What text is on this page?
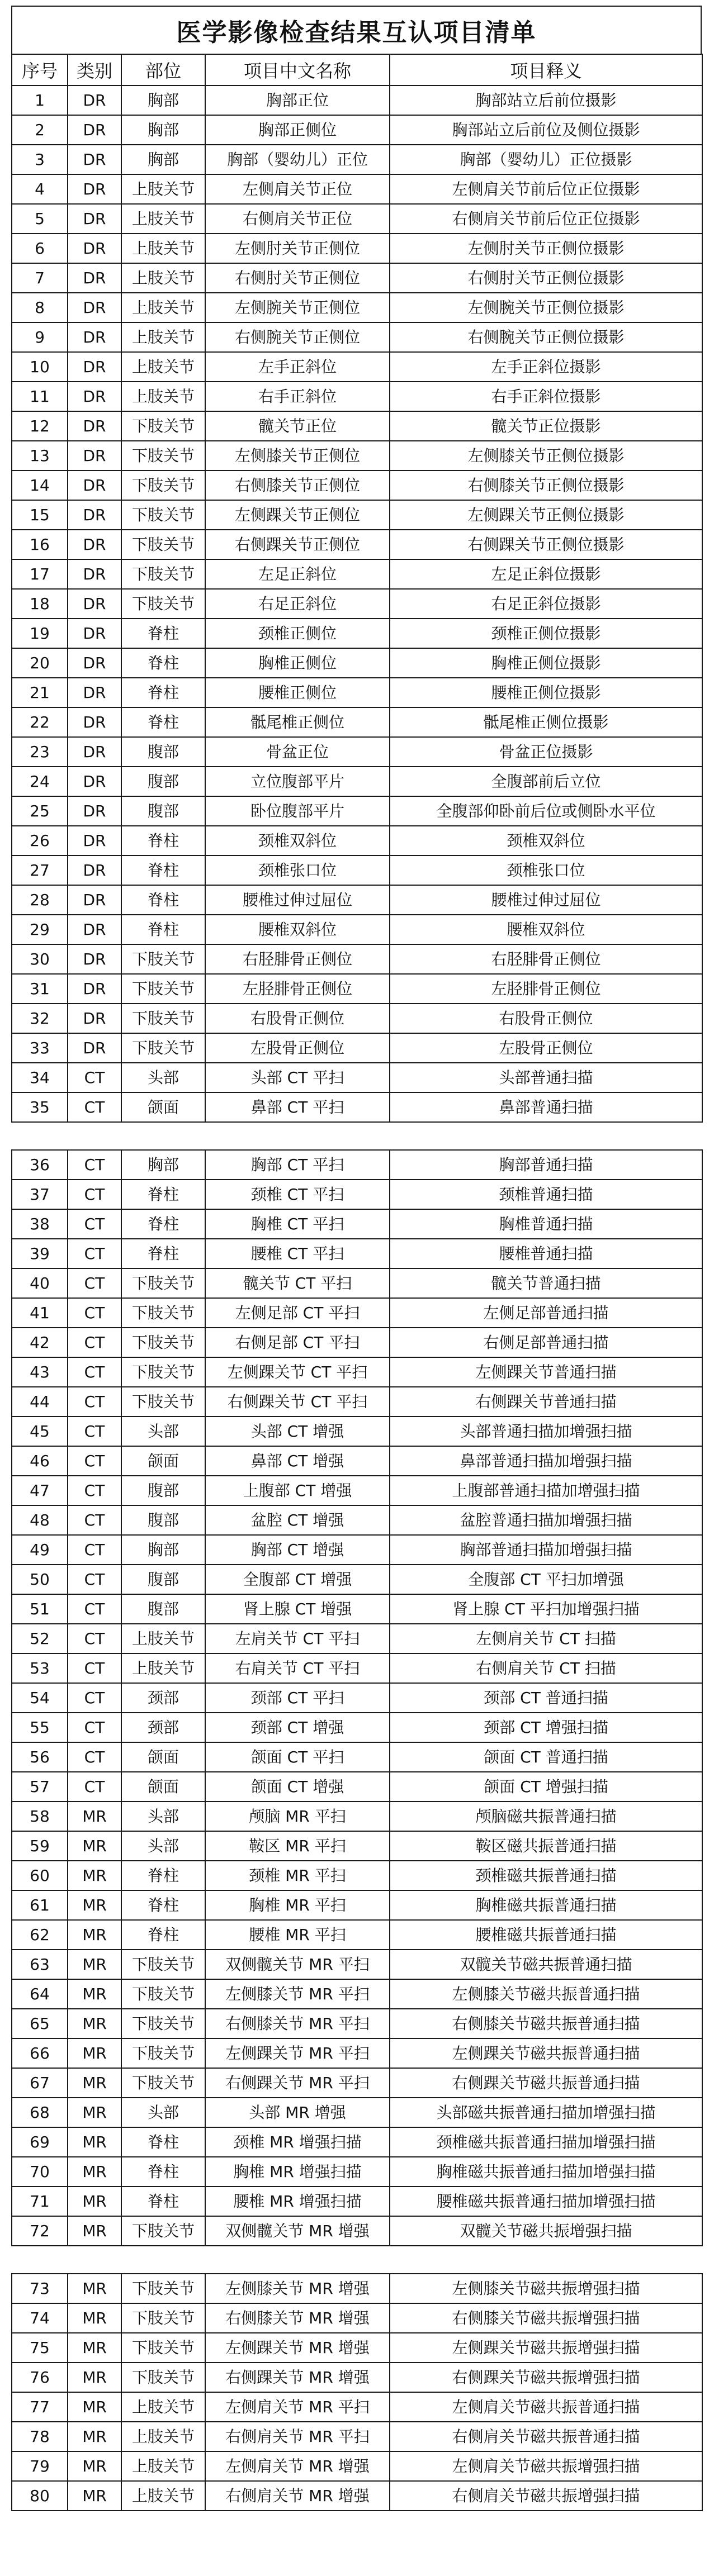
医学影像检查结果互认项目清单
序号	类别	部位	项目中文名称	项目释义
1	DR	胸部	胸部正位	胸部站立后前位摄影
2	DR	胸部	胸部正侧位	胸部站立后前位及侧位摄影
3	DR	胸部	胸部（婴幼儿）正位	胸部（婴幼儿）正位摄影
4	DR	上肢关节	左侧肩关节正位	左侧肩关节前后位正位摄影
5	DR	上肢关节	右侧肩关节正位	右侧肩关节前后位正位摄影
6	DR	上肢关节	左侧肘关节正侧位	左侧肘关节正侧位摄影
7	DR	上肢关节	右侧肘关节正侧位	右侧肘关节正侧位摄影
8	DR	上肢关节	左侧腕关节正侧位	左侧腕关节正侧位摄影
9	DR	上肢关节	右侧腕关节正侧位	右侧腕关节正侧位摄影
10	DR	上肢关节	左手正斜位	左手正斜位摄影
11	DR	上肢关节	右手正斜位	右手正斜位摄影
12	DR	下肢关节	髋关节正位	髋关节正位摄影
13	DR	下肢关节	左侧膝关节正侧位	左侧膝关节正侧位摄影
14	DR	下肢关节	右侧膝关节正侧位	右侧膝关节正侧位摄影
15	DR	下肢关节	左侧踝关节正侧位	左侧踝关节正侧位摄影
16	DR	下肢关节	右侧踝关节正侧位	右侧踝关节正侧位摄影
17	DR	下肢关节	左足正斜位	左足正斜位摄影
18	DR	下肢关节	右足正斜位	右足正斜位摄影
19	DR	脊柱	颈椎正侧位	颈椎正侧位摄影
20	DR	脊柱	胸椎正侧位	胸椎正侧位摄影
21	DR	脊柱	腰椎正侧位	腰椎正侧位摄影
22	DR	脊柱	骶尾椎正侧位	骶尾椎正侧位摄影
23	DR	腹部	骨盆正位	骨盆正位摄影
24	DR	腹部	立位腹部平片	全腹部前后立位
25	DR	腹部	卧位腹部平片	全腹部仰卧前后位或侧卧水平位
26	DR	脊柱	颈椎双斜位	颈椎双斜位
27	DR	脊柱	颈椎张口位	颈椎张口位
28	DR	脊柱	腰椎过伸过屈位	腰椎过伸过屈位
29	DR	脊柱	腰椎双斜位	腰椎双斜位
30	DR	下肢关节	右胫腓骨正侧位	右胫腓骨正侧位
31	DR	下肢关节	左胫腓骨正侧位	左胫腓骨正侧位
32	DR	下肢关节	右股骨正侧位	右股骨正侧位
33	DR	下肢关节	左股骨正侧位	左股骨正侧位
34	CT	头部	头部 CT 平扫	头部普通扫描
35	CT	颌面	鼻部 CT 平扫	鼻部普通扫描
36	CT	胸部	胸部 CT 平扫	胸部普通扫描
37	CT	脊柱	颈椎 CT 平扫	颈椎普通扫描
38	CT	脊柱	胸椎 CT 平扫	胸椎普通扫描
39	CT	脊柱	腰椎 CT 平扫	腰椎普通扫描
40	CT	下肢关节	髋关节 CT 平扫	髋关节普通扫描
41	CT	下肢关节	左侧足部 CT 平扫	左侧足部普通扫描
42	CT	下肢关节	右侧足部 CT 平扫	右侧足部普通扫描
43	CT	下肢关节	左侧踝关节 CT 平扫	左侧踝关节普通扫描
44	CT	下肢关节	右侧踝关节 CT 平扫	右侧踝关节普通扫描
45	CT	头部	头部 CT 增强	头部普通扫描加增强扫描
46	CT	颌面	鼻部 CT 增强	鼻部普通扫描加增强扫描
47	CT	腹部	上腹部 CT 增强	上腹部普通扫描加增强扫描
48	CT	腹部	盆腔 CT 增强	盆腔普通扫描加增强扫描
49	CT	胸部	胸部 CT 增强	胸部普通扫描加增强扫描
50	CT	腹部	全腹部 CT 增强	全腹部 CT 平扫加增强
51	CT	腹部	肾上腺 CT 增强	肾上腺 CT 平扫加增强扫描
52	CT	上肢关节	左肩关节 CT 平扫	左侧肩关节 CT 扫描
53	CT	上肢关节	右肩关节 CT 平扫	右侧肩关节 CT 扫描
54	CT	颈部	颈部 CT 平扫	颈部 CT 普通扫描
55	CT	颈部	颈部 CT 增强	颈部 CT 增强扫描
56	CT	颌面	颌面 CT 平扫	颌面 CT 普通扫描
57	CT	颌面	颌面 CT 增强	颌面 CT 增强扫描
58	MR	头部	颅脑 MR 平扫	颅脑磁共振普通扫描
59	MR	头部	鞍区 MR 平扫	鞍区磁共振普通扫描
60	MR	脊柱	颈椎 MR 平扫	颈椎磁共振普通扫描
61	MR	脊柱	胸椎 MR 平扫	胸椎磁共振普通扫描
62	MR	脊柱	腰椎 MR 平扫	腰椎磁共振普通扫描
63	MR	下肢关节	双侧髋关节 MR 平扫	双髋关节磁共振普通扫描
64	MR	下肢关节	左侧膝关节 MR 平扫	左侧膝关节磁共振普通扫描
65	MR	下肢关节	右侧膝关节 MR 平扫	右侧膝关节磁共振普通扫描
66	MR	下肢关节	左侧踝关节 MR 平扫	左侧踝关节磁共振普通扫描
67	MR	下肢关节	右侧踝关节 MR 平扫	右侧踝关节磁共振普通扫描
68	MR	头部	头部 MR 增强	头部磁共振普通扫描加增强扫描
69	MR	脊柱	颈椎 MR 增强扫描	颈椎磁共振普通扫描加增强扫描
70	MR	脊柱	胸椎 MR 增强扫描	胸椎磁共振普通扫描加增强扫描
71	MR	脊柱	腰椎 MR 增强扫描	腰椎磁共振普通扫描加增强扫描
72	MR	下肢关节	双侧髋关节 MR 增强	双髋关节磁共振增强扫描
73	MR	下肢关节	左侧膝关节 MR 增强	左侧膝关节磁共振增强扫描
74	MR	下肢关节	右侧膝关节 MR 增强	右侧膝关节磁共振增强扫描
75	MR	下肢关节	左侧踝关节 MR 增强	左侧踝关节磁共振增强扫描
76	MR	下肢关节	右侧踝关节 MR 增强	右侧踝关节磁共振增强扫描
77	MR	上肢关节	左侧肩关节 MR 平扫	左侧肩关节磁共振普通扫描
78	MR	上肢关节	右侧肩关节 MR 平扫	右侧肩关节磁共振普通扫描
79	MR	上肢关节	左侧肩关节 MR 增强	左侧肩关节磁共振增强扫描
80	MR	上肢关节	右侧肩关节 MR 增强	右侧肩关节磁共振增强扫描
